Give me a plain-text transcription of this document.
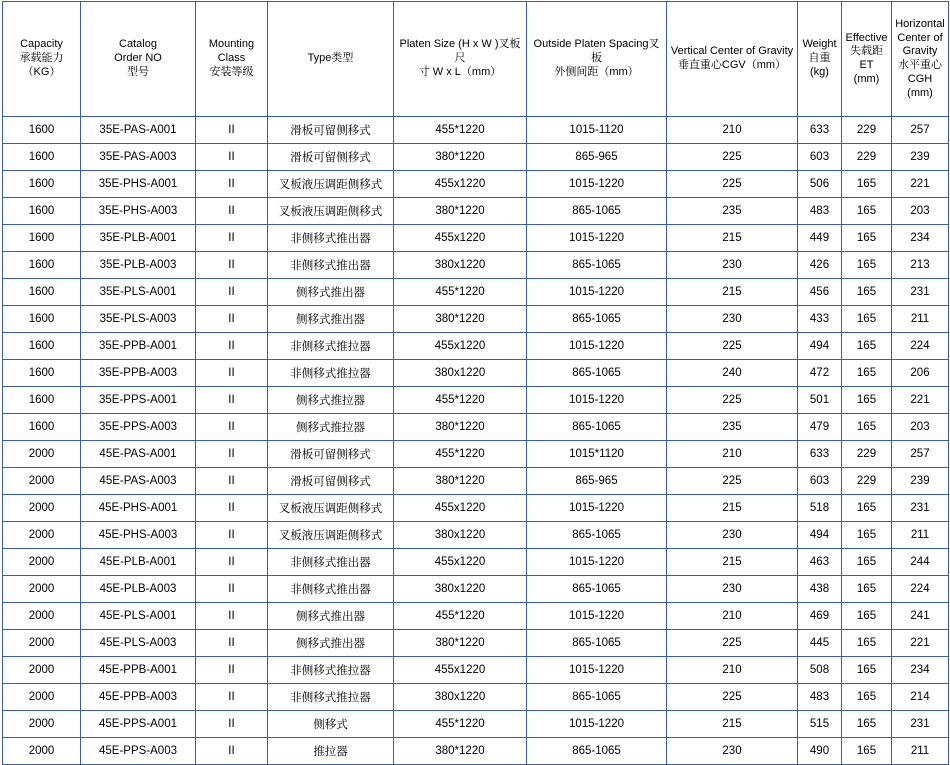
Capacity
承载能力
（KG）	Catalog
Order NO
型号	Mounting
Class
安装等级	Type类型	Platen Size (H x W )叉板尺
寸 W x L（mm）	Outside Platen Spacing叉板
外侧间距（mm）	Vertical Center of Gravity
垂直重心CGV（mm）	Weight
自重
(kg)	Effective
失载距ET
(mm)	Horizontal
Center of
Gravity
水平重心CGH
(mm)

1600	35E-PAS-A001	II	滑板可留侧移式	455*1220	1015-1120	210	633	229	257
1600	35E-PAS-A003	II	滑板可留侧移式	380*1220	865-965	225	603	229	239
1600	35E-PHS-A001	II	叉板液压调距侧移式	455x1220	1015-1220	225	506	165	221
1600	35E-PHS-A003	II	叉板液压调距侧移式	380*1220	865-1065	235	483	165	203
1600	35E-PLB-A001	II	非侧移式推出器	455x1220	1015-1220	215	449	165	234
1600	35E-PLB-A003	II	非侧移式推出器	380x1220	865-1065	230	426	165	213
1600	35E-PLS-A001	II	侧移式推出器	455*1220	1015-1220	215	456	165	231
1600	35E-PLS-A003	II	侧移式推出器	380*1220	865-1065	230	433	165	211
1600	35E-PPB-A001	II	非侧移式推拉器	455x1220	1015-1220	225	494	165	224
1600	35E-PPB-A003	II	非侧移式推拉器	380x1220	865-1065	240	472	165	206
1600	35E-PPS-A001	II	侧移式推拉器	455*1220	1015-1220	225	501	165	221
1600	35E-PPS-A003	II	侧移式推拉器	380*1220	865-1065	235	479	165	203
2000	45E-PAS-A001	II	滑板可留侧移式	455*1220	1015*1120	210	633	229	257
2000	45E-PAS-A003	II	滑板可留侧移式	380*1220	865-965	225	603	229	239
2000	45E-PHS-A001	II	叉板液压调距侧移式	455x1220	1015-1220	215	518	165	231
2000	45E-PHS-A003	II	叉板液压调距侧移式	380x1220	865-1065	230	494	165	211
2000	45E-PLB-A001	II	非侧移式推出器	455x1220	1015-1220	215	463	165	244
2000	45E-PLB-A003	II	非侧移式推出器	380x1220	865-1065	230	438	165	224
2000	45E-PLS-A001	II	侧移式推出器	455*1220	1015-1220	210	469	165	241
2000	45E-PLS-A003	II	侧移式推出器	380*1220	865-1065	225	445	165	221
2000	45E-PPB-A001	II	非侧移式推拉器	455x1220	1015-1220	210	508	165	234
2000	45E-PPB-A003	II	非侧移式推拉器	380x1220	865-1065	225	483	165	214
2000	45E-PPS-A001	II	侧移式	455*1220	1015-1220	215	515	165	231
2000	45E-PPS-A003	II	推拉器	380*1220	865-1065	230	490	165	211
